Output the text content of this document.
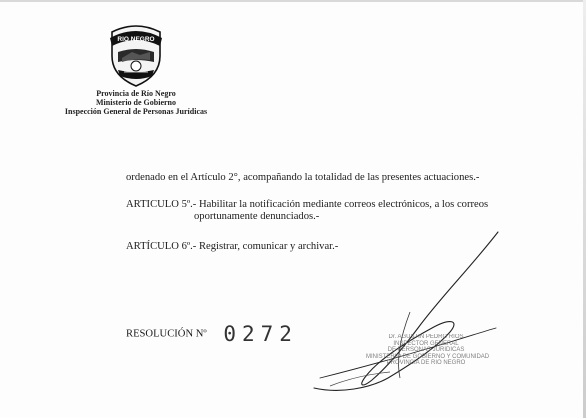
RIO NEGRO
Provincia de Río Negro
Ministerio de Gobierno
Inspección General de Personas Jurídicas
ordenado en el Artículo 2°, acompañando la totalidad de las presentes actuaciones.-
ARTICULO 5º.- Habilitar la notificación mediante correos electrónicos, a los correos
oportunamente denunciados.-
ARTÍCULO 6º.- Registrar, comunicar y archivar.-
RESOLUCIÓN Nº 0272	Dr. AGUSTIN PEDRO RIOS
INSPECTOR GENERAL
DE PERSONAS JURIDICAS
MINISTERIO DE GOBIERNO Y COMUNIDAD
PROVINCIA DE RIO NEGRO
